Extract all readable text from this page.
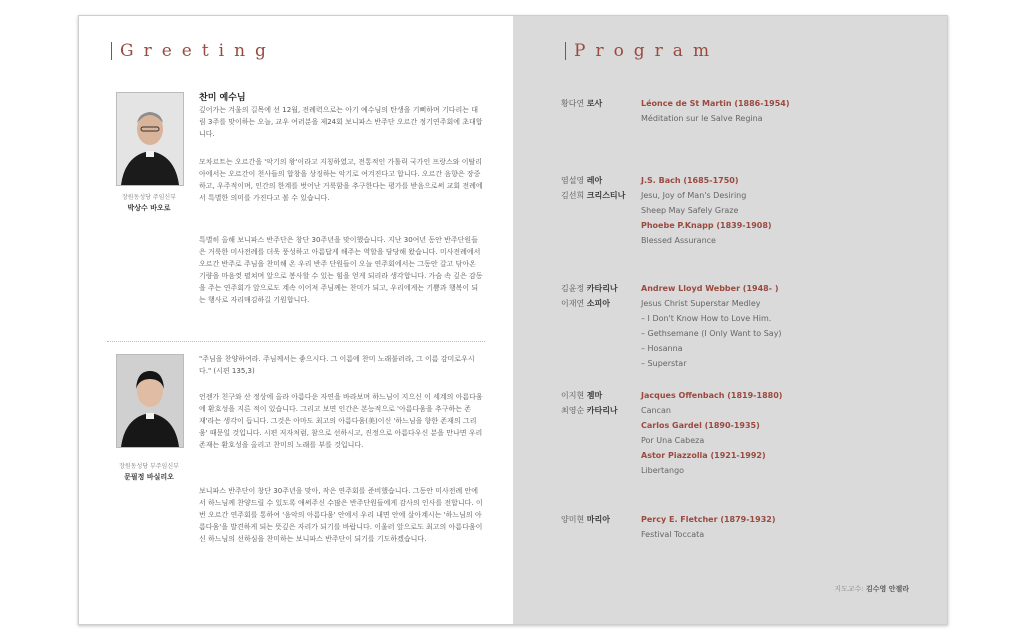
Greeting
장원동성당 주임신부
박상수 바오로
찬미 예수님

깊어가는 겨울의 길목에 선 12월, 전례력으로는 아기 예수님의 탄생을 기뻐하며 기다리는 대림 3주를 맞이하는 오늘, 교우 여러분을 제24회 보니파스 반주단 오르간 정기연주회에 초대합니다.

모차르트는 오르간을 '악기의 왕'이라고 지칭하였고, 전통적인 가톨릭 국가인 프랑스와 이탈리아에서는 오르간이 천사들의 합창을 상징하는 악기로 여겨진다고 합니다. 오르간 음향은 장중하고, 우주적이며, 인간의 한계를 벗어난 거룩함을 추구한다는 평가를 받음으로써 교회 전례에서 특별한 의미를 가진다고 볼 수 있습니다.

특별히 올해 보니파스 반주단은 창단 30주년을 맞이했습니다. 지난 30여년 동안 반주단원들은 거룩한 미사전례를 더욱 풍성하고 아름답게 해주는 역할을 담당해 왔습니다. 미사전례에서 오르간 반주로 주님을 찬미해 온 우리 반주 단원들이 오늘 연주회에서는 그동안 갈고 닦아온 기량을 마음껏 펼쳐며 앞으로 봉사할 수 있는 힘을 얻게 되리라 생각합니다. 가슴 속 깊은 감동을 주는 연주회가 앞으로도 계속 이어져 주님께는 찬미가 되고, 우리에게는 기쁨과 행복이 되는 행사로 자리매김하길 기원합니다.

장원동성당 부주임신부
문필정 바실리오

"주님을 찬양하여라. 주님께서는 좋으시다. 그 이름에 찬미 노래불러라, 그 이름 감미로우시다." (시편 135,3)

언젠가 친구와 산 정상에 올라 아름다운 자연을 바라보며 하느님이 지으신 이 세계의 아름다움에 환호성을 지른 적이 있습니다. 그리고 보면 인간은 본능적으로 '아름다움을 추구하는 존재'라는 생각이 듭니다. 그것은 아마도 최고의 아름다움(美)이신 '하느님을 향한 존재의 그리움' 때문일 것입니다. 시편 저자처럼, 참으로 선하시고, 진정으로 아름다우신 분을 만나면 우리 존재는 환호성을 올리고 찬미의 노래를 부를 것입니다.

보니파스 반주단이 창단 30주년을 맞아, 작은 연주회를 준비했습니다. 그동안 미사전례 안에서 하느님께 찬양드릴 수 있도록 애써주신 수많은 반주단원들에게 감사의 인사를 전합니다. 이번 오르간 연주회를 통하여 '음악의 아름다움' 안에서 우리 내면 안에 살아계시는 '하느님의 아름다움'을 발견하게 되는 뜻깊은 자리가 되기를 바랍니다. 이울러 앞으로도 최고의 아름다움이신 하느님의 선하심을 찬미하는 보니파스 반주단이 되기를 기도하겠습니다.

Program
황다연 로사	Léonce de St Martin (1886-1954)
Méditation sur le Salve Regina
염설영 레아
김선희 크리스티나
J.S. Bach (1685-1750)
Jesu, Joy of Man's Desiring
Sheep May Safely Graze
Phoebe P.Knapp (1839-1908)
Blessed Assurance
김윤정 카타리나
이재연 소피아
Andrew Lloyd Webber (1948- )
Jesus Christ Superstar Medley
– I Don't Know How to Love Him.
– Gethsemane (I Only Want to Say)
– Hosanna
– Superstar
이지현 젬마
최영순 카타리나
Jacques Offenbach (1819-1880)
Cancan
Carlos Gardel (1890-1935)
Por Una Cabeza
Astor Piazzolla (1921-1992)
Libertango
양미현 마리아	Percy E. Fletcher (1879-1932)
Festival Toccata
지도교수: 김수영 안젤라
